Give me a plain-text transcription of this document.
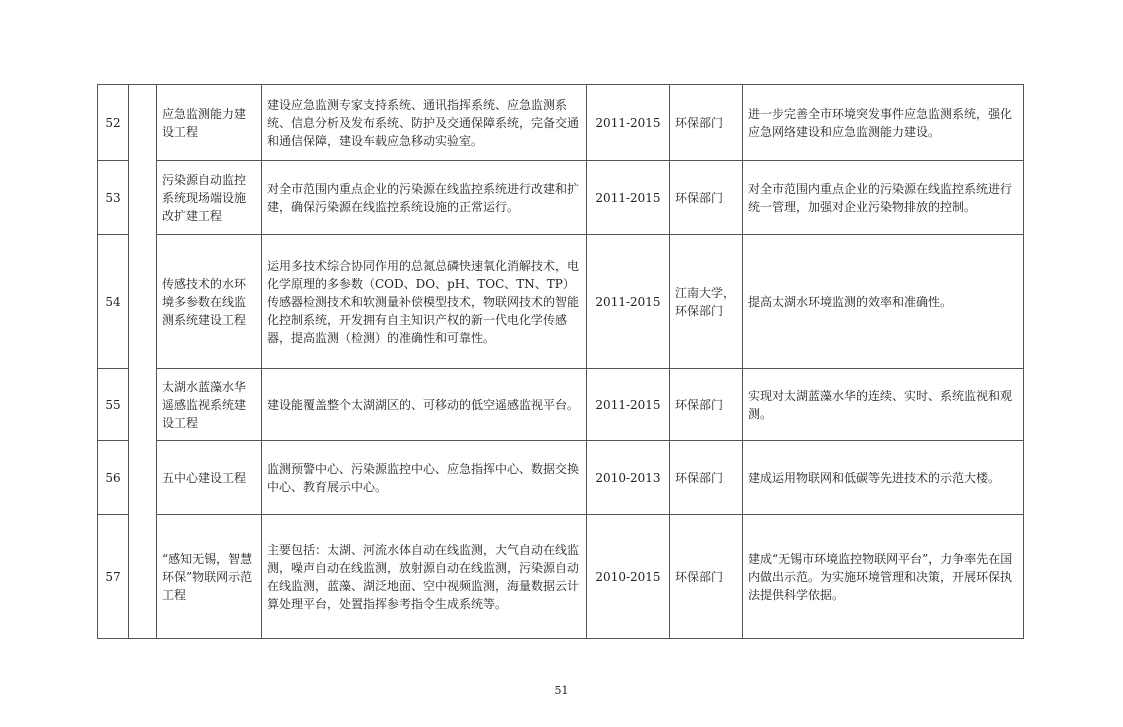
52		应急监测能力建设工程	建设应急监测专家支持系统、通讯指挥系统、应急监测系统、信息分析及发布系统、防护及交通保障系统，完备交通和通信保障，建设车载应急移动实验室。	2011-2015	环保部门	进一步完善全市环境突发事件应急监测系统，强化应急网络建设和应急监测能力建设。
53		污染源自动监控系统现场端设施改扩建工程	对全市范围内重点企业的污染源在线监控系统进行改建和扩建，确保污染源在线监控系统设施的正常运行。	2011-2015	环保部门	对全市范围内重点企业的污染源在线监控系统进行统一管理，加强对企业污染物排放的控制。
54		传感技术的水环境多参数在线监测系统建设工程	运用多技术综合协同作用的总氮总磷快速氧化消解技术，电化学原理的多参数（COD、DO、pH、TOC、TN、TP）传感器检测技术和软测量补偿模型技术，物联网技术的智能化控制系统，开发拥有自主知识产权的新一代电化学传感器，提高监测（检测）的准确性和可靠性。	2011-2015	江南大学，环保部门	提高太湖水环境监测的效率和准确性。
55		太湖水蓝藻水华遥感监视系统建设工程	建设能覆盖整个太湖湖区的、可移动的低空遥感监视平台。	2011-2015	环保部门	实现对太湖蓝藻水华的连续、实时、系统监视和观测。
56		五中心建设工程	监测预警中心、污染源监控中心、应急指挥中心、数据交换中心、教育展示中心。	2010-2013	环保部门	建成运用物联网和低碳等先进技术的示范大楼。
57		“感知无锡，智慧环保”物联网示范工程	主要包括：太湖、河流水体自动在线监测，大气自动在线监测，噪声自动在线监测，放射源自动在线监测，污染源自动在线监测，蓝藻、湖泛地面、空中视频监测，海量数据云计算处理平台，处置指挥参考指令生成系统等。	2010-2015	环保部门	建成“无锡市环境监控物联网平台”，力争率先在国内做出示范。为实施环境管理和决策，开展环保执法提供科学依据。
51
